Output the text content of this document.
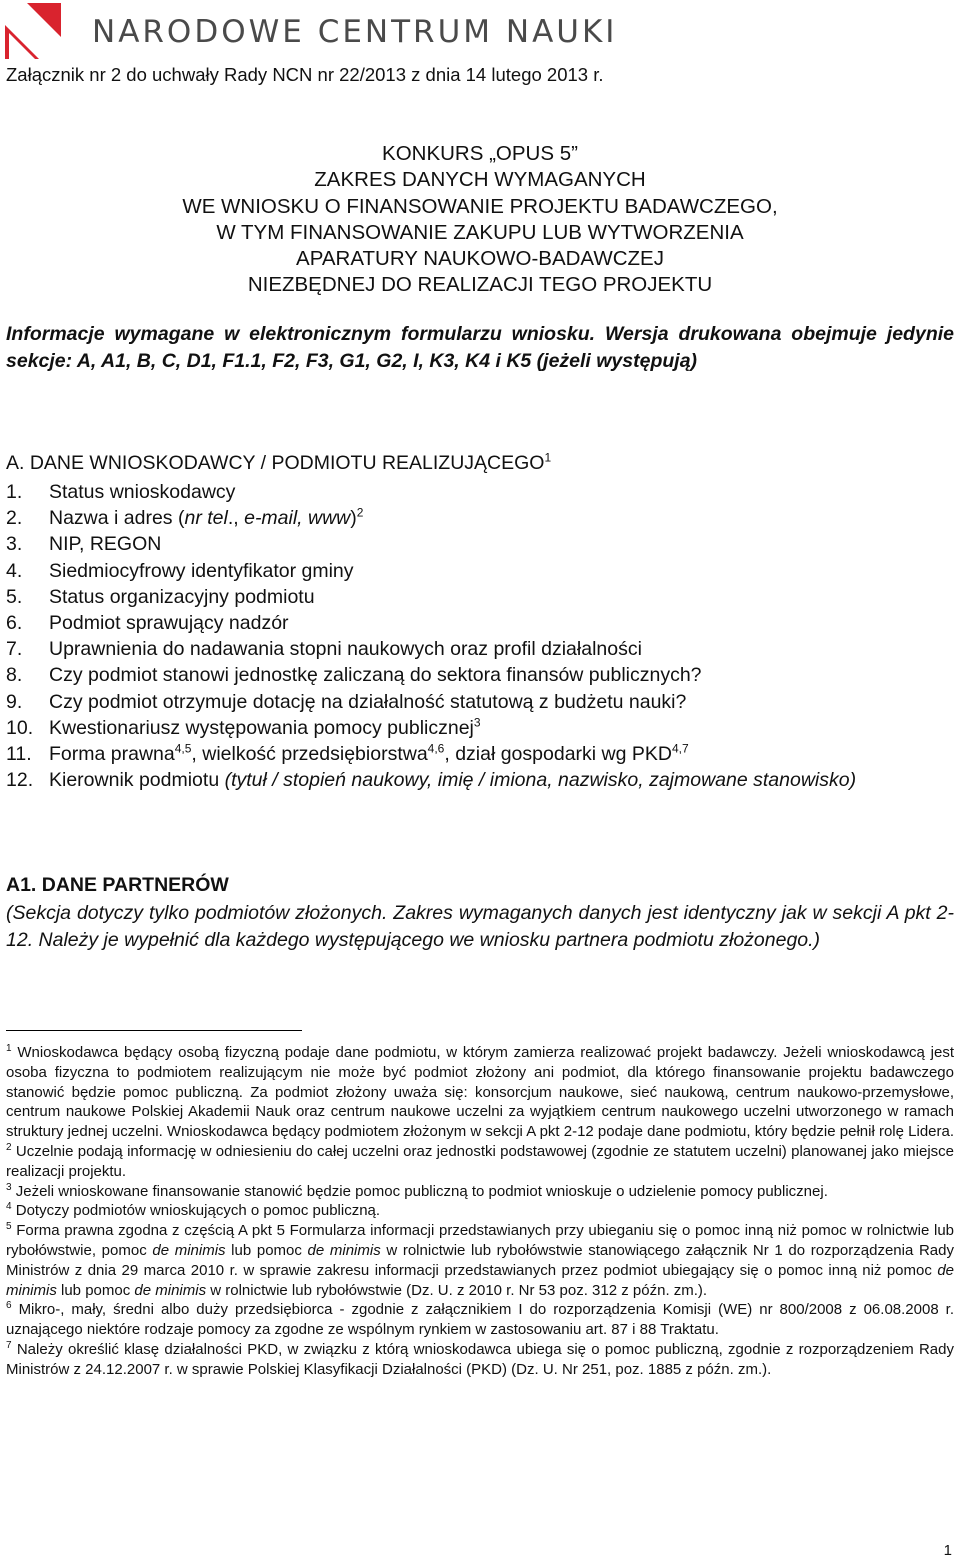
NARODOWE CENTRUM NAUKI
Załącznik nr 2 do uchwały Rady NCN nr 22/2013 z dnia 14 lutego 2013 r.
KONKURS „OPUS 5”
ZAKRES DANYCH WYMAGANYCH
WE WNIOSKU O FINANSOWANIE PROJEKTU BADAWCZEGO,
W TYM FINANSOWANIE ZAKUPU LUB WYTWORZENIA
APARATURY NAUKOWO-BADAWCZEJ
NIEZBĘDNEJ DO REALIZACJI TEGO PROJEKTU
Informacje wymagane w elektronicznym formularzu wniosku. Wersja drukowana obejmuje jedynie sekcje: A, A1, B, C, D1, F1.1, F2, F3, G1, G2, I, K3, K4 i K5 (jeżeli występują)
A. DANE WNIOSKODAWCY / PODMIOTU REALIZUJĄCEGO$^1$
1. Status wnioskodawcy
2. Nazwa i adres (nr tel., e-mail, www)$^2$
3. NIP, REGON
4. Siedmiocyfrowy identyfikator gminy
5. Status organizacyjny podmiotu
6. Podmiot sprawujący nadzór
7. Uprawnienia do nadawania stopni naukowych oraz profil działalności
8. Czy podmiot stanowi jednostkę zaliczaną do sektora finansów publicznych?
9. Czy podmiot otrzymuje dotację na działalność statutową z budżetu nauki?
10. Kwestionariusz występowania pomocy publicznej$^3$
11. Forma prawna$^{4,5}$, wielkość przedsiębiorstwa$^{4,6}$, dział gospodarki wg PKD$^{4,7}$
12. Kierownik podmiotu (tytuł / stopień naukowy, imię / imiona, nazwisko, zajmowane stanowisko)
A1. DANE PARTNERÓW
(Sekcja dotyczy tylko podmiotów złożonych. Zakres wymaganych danych jest identyczny jak w sekcji A pkt 2-12. Należy je wypełnić dla każdego występującego we wniosku partnera podmiotu złożonego.)

$^1$ Wnioskodawca będący osobą fizyczną podaje dane podmiotu, w którym zamierza realizować projekt badawczy. Jeżeli wnioskodawcą jest osoba fizyczna to podmiotem realizującym nie może być podmiot złożony ani podmiot, dla którego finansowanie projektu badawczego stanowić będzie pomoc publiczną. Za podmiot złożony uważa się: konsorcjum naukowe, sieć naukową, centrum naukowo-przemysłowe, centrum naukowe Polskiej Akademii Nauk oraz centrum naukowe uczelni za wyjątkiem centrum naukowego uczelni utworzonego w ramach struktury jednej uczelni. Wnioskodawca będący podmiotem złożonym w sekcji A pkt 2-12 podaje dane podmiotu, który będzie pełnił rolę Lidera.

$^2$ Uczelnie podają informację w odniesieniu do całej uczelni oraz jednostki podstawowej (zgodnie ze statutem uczelni) planowanej jako miejsce realizacji projektu.

$^3$ Jeżeli wnioskowane finansowanie stanowić będzie pomoc publiczną to podmiot wnioskuje o udzielenie pomocy publicznej.

$^4$ Dotyczy podmiotów wnioskujących o pomoc publiczną.

$^5$ Forma prawna zgodna z częścią A pkt 5 Formularza informacji przedstawianych przy ubieganiu się o pomoc inną niż pomoc w rolnictwie lub rybołówstwie, pomoc de minimis lub pomoc de minimis w rolnictwie lub rybołówstwie stanowiącego załącznik Nr 1 do rozporządzenia Rady Ministrów z dnia 29 marca 2010 r. w sprawie zakresu informacji przedstawianych przez podmiot ubiegający się o pomoc inną niż pomoc de minimis lub pomoc de minimis w rolnictwie lub rybołówstwie (Dz. U. z 2010 r. Nr 53 poz. 312 z późn. zm.).

$^6$ Mikro-, mały, średni albo duży przedsiębiorca - zgodnie z załącznikiem I do rozporządzenia Komisji (WE) nr 800/2008 z 06.08.2008 r. uznającego niektóre rodzaje pomocy za zgodne ze wspólnym rynkiem w zastosowaniu art. 87 i 88 Traktatu.

$^7$ Należy określić klasę działalności PKD, w związku z którą wnioskodawca ubiega się o pomoc publiczną, zgodnie z rozporządzeniem Rady Ministrów z 24.12.2007 r. w sprawie Polskiej Klasyfikacji Działalności (PKD) (Dz. U. Nr 251, poz. 1885 z późn. zm.).

1
